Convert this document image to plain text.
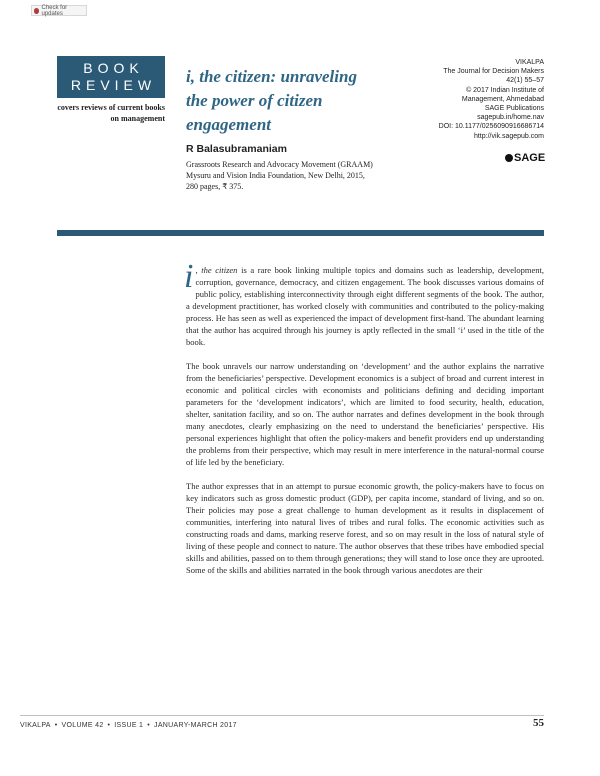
Check for updates
BOOK
REVIEW
covers reviews of current books on management
i, the citizen: unraveling
the power of citizen
engagement
VIKALPA
The Journal for Decision Makers
42(1) 55–57
© 2017 Indian Institute of
Management, Ahmedabad
SAGE Publications
sagepub.in/home.nav
DOI: 10.1177/0256090916686714
http://vik.sagepub.com
SAGE
R Balasubramaniam
Grassroots Research and Advocacy Movement (GRAAM)
Mysuru and Vision India Foundation, New Delhi, 2015,
280 pages, ₹ 375.

i , the citizen is a rare book linking multiple topics and domains such as leadership, development, corruption, governance, democracy, and citizen engagement. The book discusses various domains of public policy, establishing interconnectivity through eight different segments of the book. The author, a development practitioner, has worked closely with communities and contributed to the policy-making process. He has seen as well as experienced the impact of development first-hand. The abundant learning that the author has acquired through his journey is aptly reflected in the small ‘i’ used in the title of the book.

The book unravels our narrow understanding on ‘development’ and the author explains the narrative from the beneficiaries’ perspective. Development economics is a subject of broad and current interest in economic and political circles with economists and politicians defining and deciding important parameters for the ‘development indicators’, which are limited to food security, health, education, shelter, sanitation facility, and so on. The author narrates and defines development in the book through many anecdotes, clearly emphasizing on the need to understand the beneficiaries’ perspective. His personal experiences highlight that often the policy-makers and benefit providers end up understanding the problems from their perspective, which may result in mere interference in the natural-normal course of life led by the beneficiary.

The author expresses that in an attempt to pursue economic growth, the policy-makers have to focus on key indicators such as gross domestic product (GDP), per capita income, standard of living, and so on. Their policies may pose a great challenge to human development as it results in displacement of communities, interfering into natural lives of tribes and rural folks. The economic activities such as constructing roads and dams, marking reserve forest, and so on may result in the loss of natural style of living of these people and connect to nature. The author observes that these tribes have embodied special skills and abilities, passed on to them through generations; they will stand to lose once they are uprooted. Some of the skills and abilities narrated in the book through various anecdotes are their

VIKALPA • VOLUME 42 • ISSUE 1 • JANUARY-MARCH 2017	55
